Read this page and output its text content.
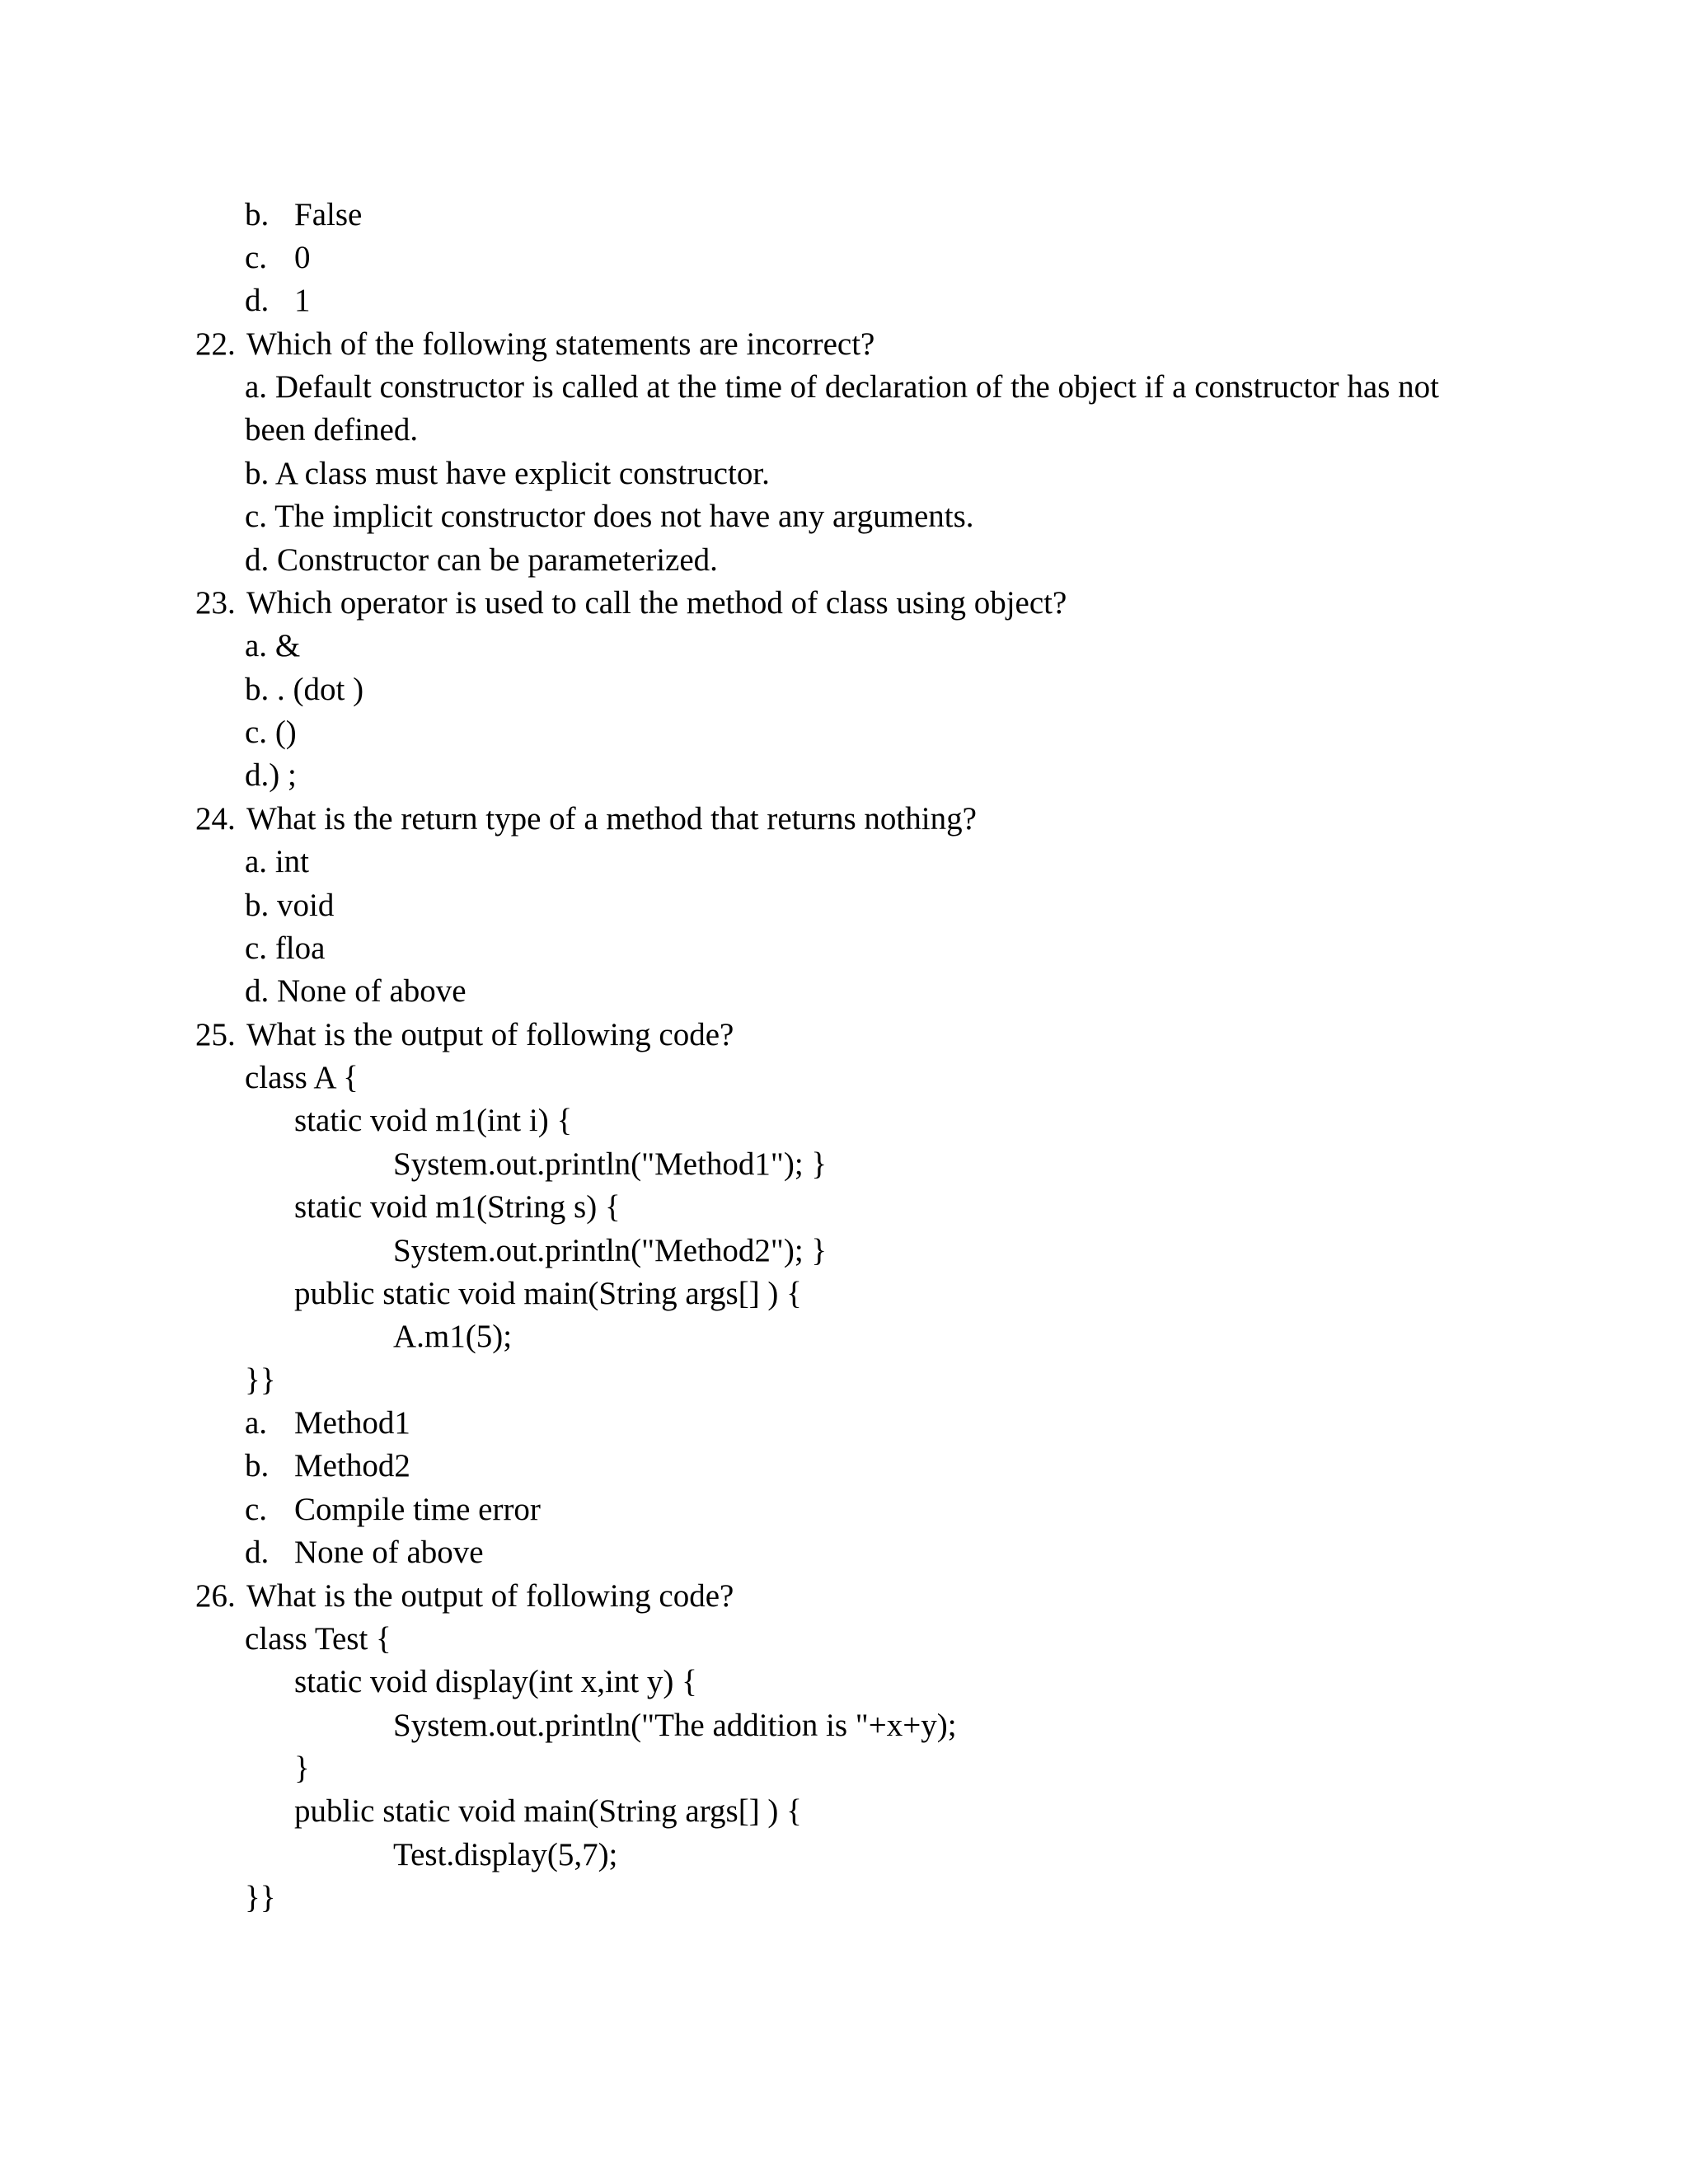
b. False
c. 0
d. 1
22. Which of the following statements are incorrect?
a. Default constructor is called at the time of declaration of the object if a constructor has not
been defined.
b. A class must have explicit constructor.
c. The implicit constructor does not have any arguments.
d. Constructor can be parameterized.
23. Which operator is used to call the method of class using object?
a. &
b. . (dot )
c. ()
d.) ;
24. What is the return type of a method that returns nothing?
a. int
b. void
c. floa
d. None of above
25. What is the output of following code?
class A {
static void m1(int i) {
System.out.println("Method1"); }
static void m1(String s) {
System.out.println("Method2"); }
public static void main(String args[] ) {
A.m1(5);
}}
a. Method1
b. Method2
c. Compile time error
d. None of above
26. What is the output of following code?
class Test {
static void display(int x,int y) {
System.out.println("The addition is "+x+y);
}
public static void main(String args[] ) {
Test.display(5,7);
}}
